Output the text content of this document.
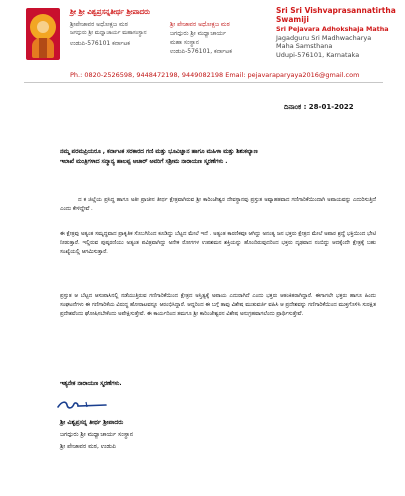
ಶ್ರೀ ಶ್ರೀ ವಿಶ್ವಪ್ರಸನ್ನತೀರ್ಥ ಶ್ರೀಪಾದರು
ಶ್ರೀಪೇಜಾವರ ಅಧೋಕ್ಷಜ ಮಠ
ಜಗದ್ಗುರು ಶ್ರೀ ಮಧ್ವಾಚಾರ್ಯ ಮಹಾಸಂಸ್ಥಾನ
ಉಡುಪಿ-576101 ಕರ್ನಾಟಕ
ಶ್ರೀ ಪೇಜಾವರ ಅಧೋಕ್ಷಜ ಮಠ
ಜಗದ್ಗುರು ಶ್ರೀ ಮಧ್ವಾಚಾರ್ಯ
ಮಹಾ ಸಂಸ್ಥಾನ
ಉಡುಪಿ-576101, ಕರ್ನಾಟಕ
Sri Sri Vishvaprasannatirtha
Swamiji
Sri Pejavara Adhokshaja Matha
Jagadguru Sri Madhwacharya
Maha Samsthana
Udupi-576101, Karnataka
Ph.: 0820-2526598, 9448472198, 9449082198 Email: pejavaraparyaya2016@gmail.com
ದಿನಾಂಕ : 28-01-2022
ನಮ್ಮ ಪರಮಪ್ರಿಯರೂ , ಕರ್ನಾಟಕ ಸರಕಾರದ ಗಣಿ ಮತ್ತು ಭೂವಿಜ್ಞಾನ ಹಾಗೂ ಮಹಿಳಾ ಮತ್ತು ಶಿಶುಕಲ್ಯಾಣ
ಇಲಾಖೆ ಮಂತ್ರಿಗಳಾದ ಸನ್ಮಾನ್ಯ ಹಾಲಪ್ಪ ಆಚಾರ್ ಅವರಿಗೆ ಸಶ್ರೀಮ ನಾರಾಯಣ ಸ್ಮರಣೆಗಳು .
ದ ಕ ಜಿಲ್ಲೆಯ ಪ್ರಸಿದ್ಧ ಹಾಗೂ ಅತೀ ಪ್ರಾಚೀನ ತೀರ್ಥ ಕ್ಷೇತ್ರವಾಗಿರುವ ಶ್ರೀ ಕಾರಿಂಜೇಶ್ವರ ದೇವಸ್ಥಾನವು ಪ್ರಸ್ತುತ ಅವ್ಯಾಹತವಾದ ಗಣಿಗಾರಿಕೆಯಿಂದಾಗಿ ಅಪಾಯವನ್ನು ಎದುರಿಸುತ್ತಿದೆ ಎಂದು ಕೇಳಿದ್ದೇವೆ .
ಈ ಕ್ಷೇತ್ರವು ಅತ್ಯಂತ ಸಮೃದ್ಧವಾದ ಪ್ರಾಕೃತಿಕ ಸೊಬಗಿನಿಂದ ಕೂಡಿದ್ದು ಬೆಟ್ಟದ ಮೇಲೆ ಇದೆ . ಅತ್ಯಂತ ಕಾರಣಿಕವೂ ಆಗಿದ್ದು ಅನಂತ್ಯ ಜನ ಭಕ್ತರು ಕ್ಷೇತ್ರದ ಮೇಲೆ ಅಪಾರ ಶ್ರದ್ಧೆ ಭಕ್ತಿಯಿಂದ ಭೇಟಿ ನೀಡುತ್ತಾರೆ. ಇಲ್ಲಿರುವ ಪುಷ್ಕರಣಿಯು ಅತ್ಯಂತ ಪವಿತ್ರವಾಗಿದ್ದು ಅನೇಕ ರೋಗಗಳ ಉಪಶಮನ ಶಕ್ತಿಯನ್ನು ಹೊಂದಿರುವುದರಿಂದ ಭಕ್ತರು ದೃಢವಾದ ನಂಬಿದ್ದು ಆದಕ್ಕೆಂದೇ ಕ್ಷೇತ್ರಕ್ಕೆ ಬಹು ಸಂಖ್ಯೆಯಲ್ಲಿ ಆಗಮಿಸುತ್ತಾರೆ.
ಪ್ರಸ್ತುತ ಆ ಬೆಟ್ಟದ ಆಸುಪಾಸಿನಲ್ಲಿ ನಡೆಯುತ್ತಿರುವ ಗಣಿಗಾರಿಕೆಯಿಂದ ಕ್ಷೇತ್ರದ ಅಸ್ತಿತ್ವಕ್ಕೆ ಅಪಾಯ ಎದುರಾಗಿದೆ ಎಂದು ಭಕ್ತರು ಆತಂಕಿತರಾಗಿದ್ದಾರೆ. ಈಗಾಗಲೇ ಭಕ್ತರು ಹಾಗೂ ಹಿಂದು ಸಂಘಟನೆಗಳು ಈ ಗಣಿಗಾರಿಕೆಯ ವಿರುದ್ಧ ಹೋರಾಟವನ್ನೂ ಆರಂಭಿಸಿದ್ದಾರೆ. ಆದ್ದರಿಂದ ಈ ಬಗ್ಗೆ ತಾವು ವಿಶೇಷ ಮುತುವರ್ಜಿ ವಹಿಸಿ ಆ ಪ್ರದೇಶವನ್ನು ಗಣಿಗಾರಿಕೆಯಿಂದ ಮುಕ್ತಗೊಳಿಸಿ ಸುರಕ್ಷಿತ ಪ್ರದೇಶವೆಂದು ಘೋಷಿಸಬೇಕೆಂದು ಅಪೇಕ್ಷಿಸುತ್ತೇವೆ. ಈ ಕಾರ್ಯದಿಂದ ತಮಗೂ ಶ್ರೀ ಕಾರಿಂಜೇಶ್ವರನ ವಿಶೇಷ ಅನುಗ್ರಹವಾಗಲೆಂದು ಪ್ರಾರ್ಥಿಸುತ್ತೇವೆ.
ಇತ್ಯನೇಕ ನಾರಾಯಣ ಸ್ಮರಣೆಗಳು.
ಶ್ರೀ ವಿಶ್ವಪ್ರಸನ್ನ ತೀರ್ಥ ಶ್ರೀಪಾದರು
ಜಗದ್ಗುರು ಶ್ರೀ ಮಧ್ವಾಚಾರ್ಯ ಸಂಸ್ಥಾನ
ಶ್ರೀ ಪೇಜಾವರ ಮಠ, ಉಡುಪಿ
